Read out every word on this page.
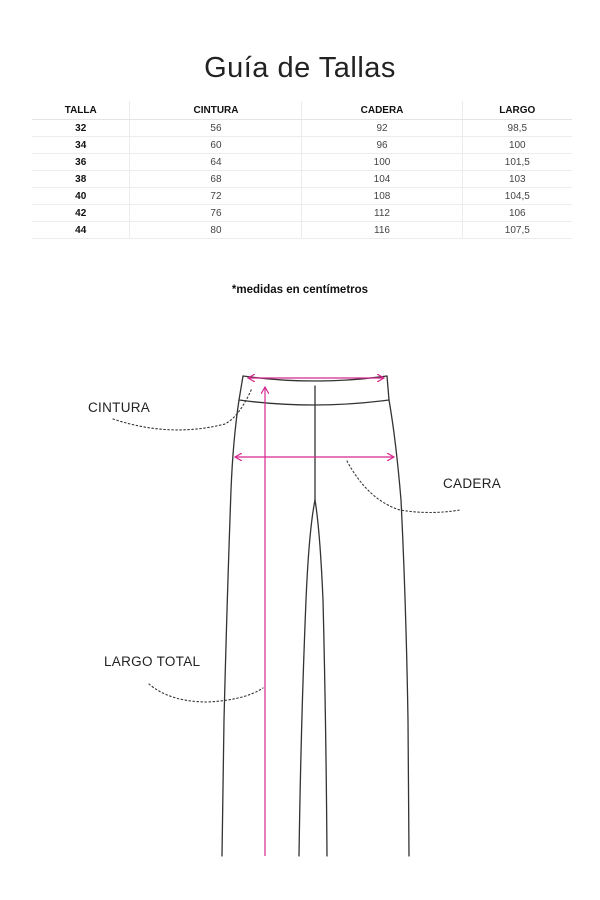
Guía de Tallas
TALLA	CINTURA	CADERA	LARGO
32	56	92	98,5
34	60	96	100
36	64	100	101,5
38	68	104	103
40	72	108	104,5
42	76	112	106
44	80	116	107,5
*medidas en centímetros
CINTURA
CADERA
LARGO TOTAL
